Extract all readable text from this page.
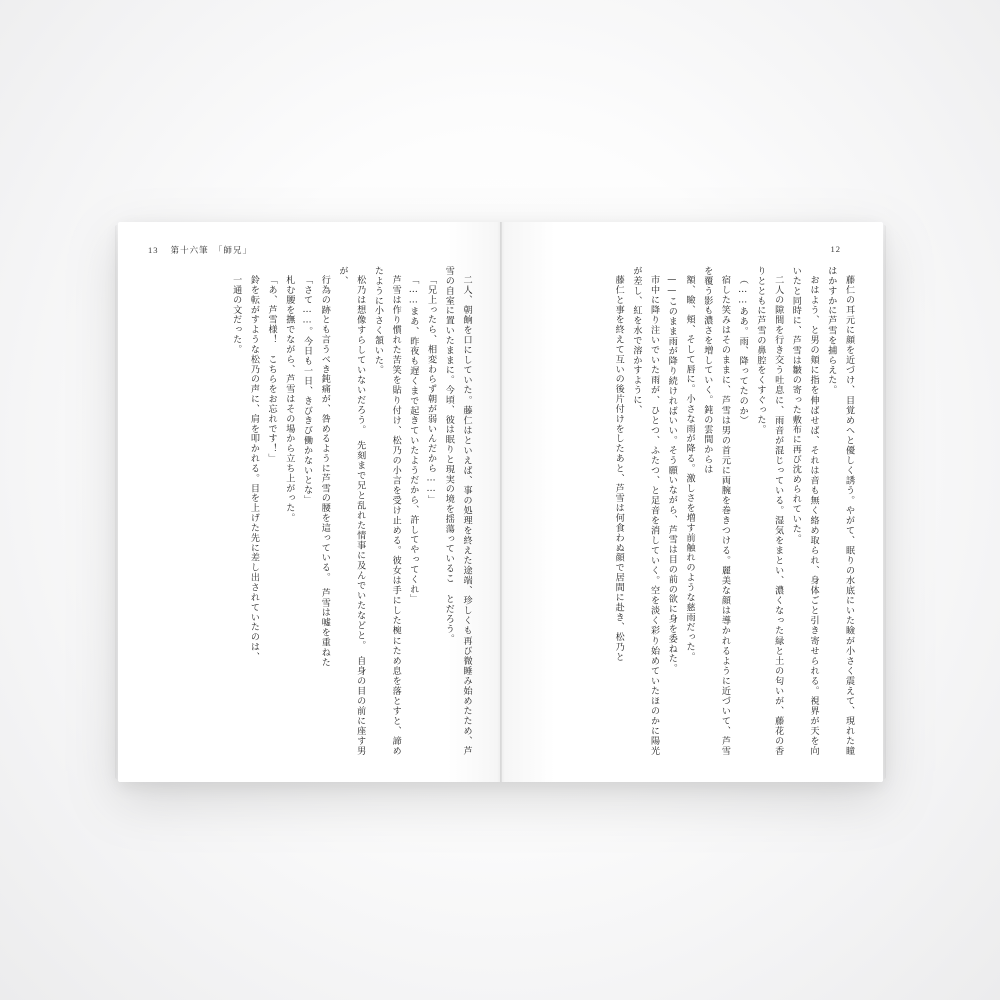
13 第十六筆　「師兄」

二人、朝餉を口にしていた。藤仁はといえば、事の処理を終えた途端、珍しくも再び微睡み始めたため、芦雪の自室に置いたままに。今頃、彼は眠りと現実の境を揺蕩っているこ とだろう。

「兄上ったら、相変わらず朝が弱いんだから……」

「……まあ、昨夜も遅くまで起きていたようだから、許してやってくれ」

芦雪は作り慣れた苦笑を貼り付け、松乃の小言を受け止める。彼女は手にした椀にため息を落とすと、諦めたように小さく頷いた。

松乃は想像すらしていないだろう。　先刻まで兄と乱れた情事に及んでいたなどと。　自身の目の前に座す男が、

行為の跡とも言うべき鈍痛が、咎めるように芦雪の腰を這っている。　芦雪は嘘を重ねた

「さて……。今日も一日、きびきび働かないとな」

札む腰を撫でながら、芦雪はその場から立ち上がった。

「あ、芦雪様！　こちらをお忘れです！」

鈴を転がすような松乃の声に、肩を叩かれる。目を上げた先に差し出されていたのは、

一通の文だった。

12

藤仁の耳元に顔を近づけ、目覚めへと優しく誘う。やがて、眠りの水底にいた瞼が小さく震えて、現れた瞳はかすかに芦雪を捕らえた。

おはよう、と男の頬に指を伸ばせば、それは音も無く絡め取られ、身体ごと引き寄せられる。視界が天を向いたと同時に、芦雪は皺の寄った敷布に再び沈められていた。

二人の隙間を行き交う吐息に、雨音が混じっている。湿気をまとい、濃くなった緑と土の匂いが、藤花の香りとともに芦雪の鼻腔をくすぐった。

（……ああ。雨、降ってたのか）

宿した笑みはそのままに、芦雪は男の首元に両腕を巻きつける。麗美な顔は導かれるように近づいて、芦雪を覆う影も濃さを増していく。鈍の雲間からは

額、瞼、頬、そして唇に。小さな雨が降る。激しさを増す前触れのような慈雨だった。

——このまま雨が降り続ければいい。そう願いながら、芦雪は目の前の欲に身を委ねた。

市中に降り注いでいた雨が、ひとつ、ふたつ、と足音を消していく。空を淡く彩り始めていたほのかに陽光が差し、紅を水で溶かすように、

藤仁と事を終えて互いの後片付けをしたあと、芦雪は何食わぬ顔で居間に赴き、松乃と
